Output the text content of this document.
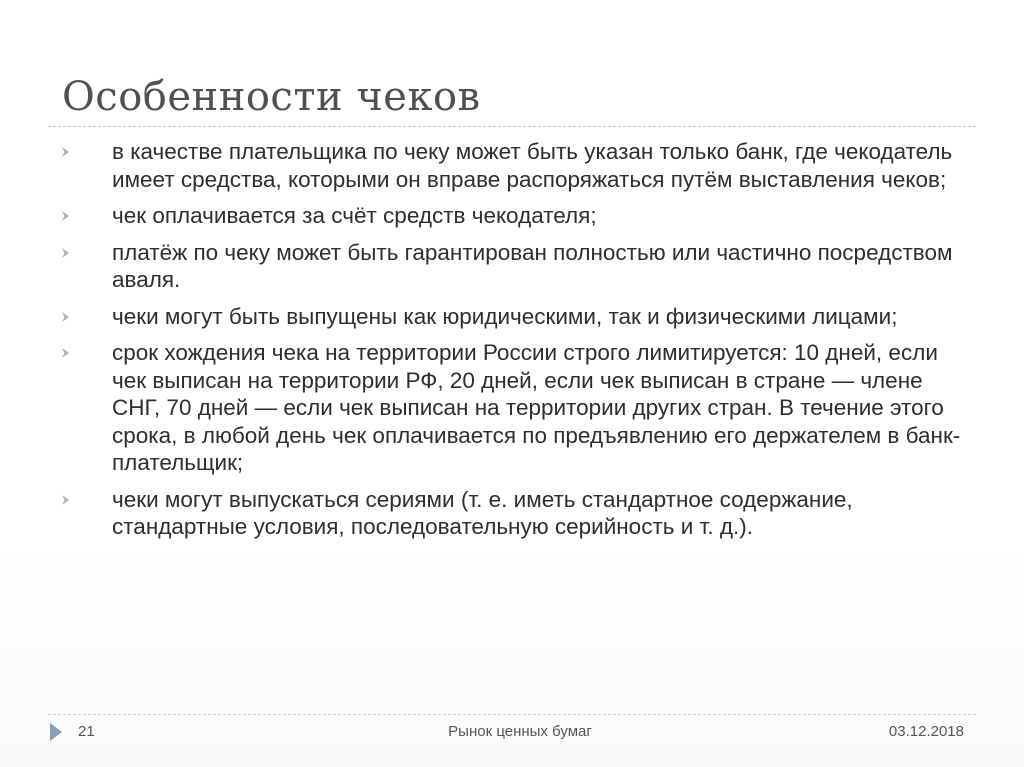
Особенности чеков
в качестве плательщика по чеку может быть указан только банк, где чекодатель имеет средства, которыми он вправе распоряжаться путём выставления чеков;
чек оплачивается за счёт средств чекодателя;
платёж по чеку может быть гарантирован полностью или частично посредством аваля.
чеки могут быть выпущены как юридическими, так и физическими лицами;
срок хождения чека на территории России строго лимитируется: 10 дней, если чек выписан на территории РФ, 20 дней, если чек выписан в стране — члене СНГ, 70 дней — если чек выписан на территории других стран. В течение этого срока, в любой день чек оплачивается по предъявлению его держателем в банк-плательщик;
чеки могут выпускаться сериями (т. е. иметь стандартное содержание, стандартные условия, последовательную серийность и т. д.).
21	Рынок ценных бумаг	03.12.2018
